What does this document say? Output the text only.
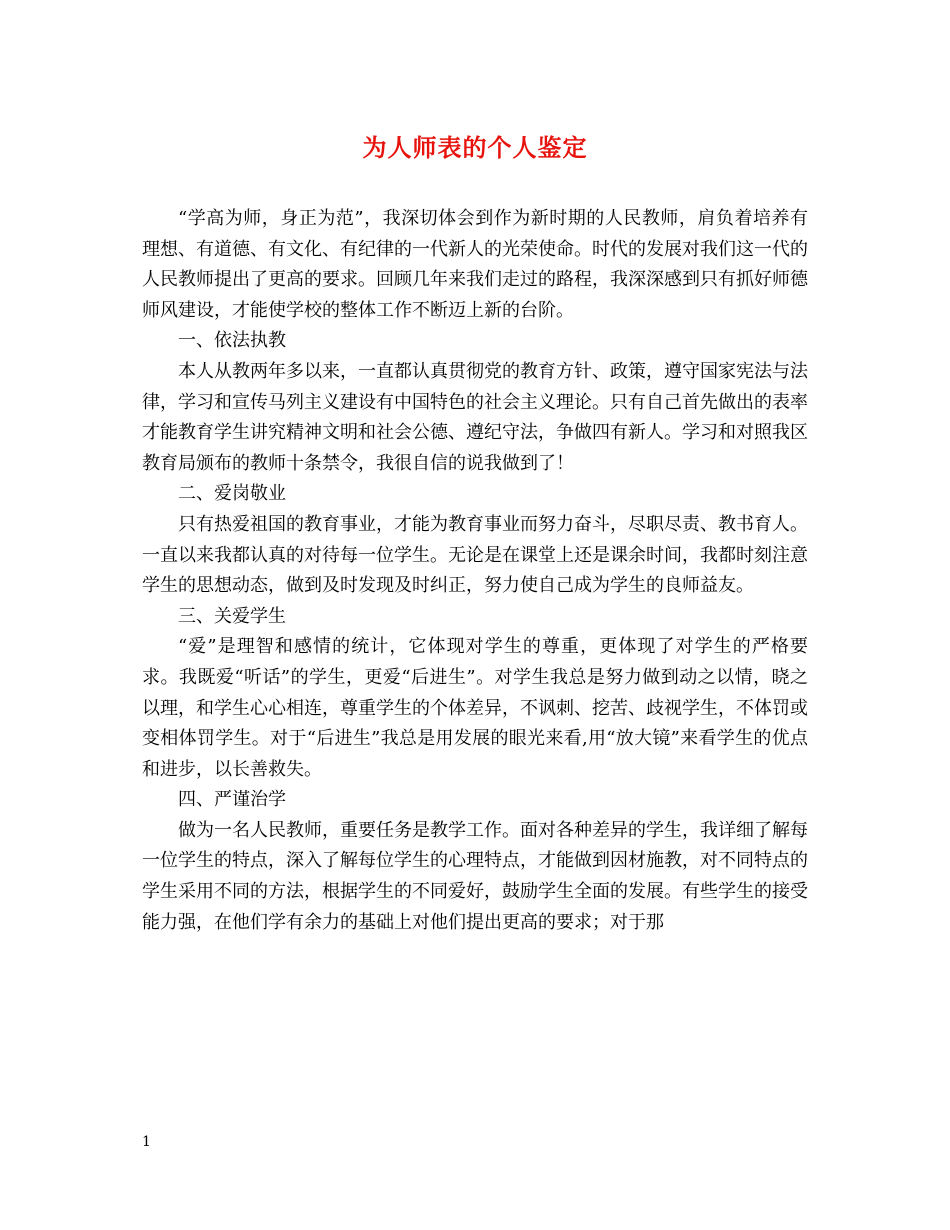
为人师表的个人鉴定

“学高为师，身正为范”，我深切体会到作为新时期的人民教师，肩负着培养有理想、有道德、有文化、有纪律的一代新人的光荣使命。时代的发展对我们这一代的人民教师提出了更高的要求。回顾几年来我们走过的路程，我深深感到只有抓好师德师风建设，才能使学校的整体工作不断迈上新的台阶。

一、依法执教

本人从教两年多以来，一直都认真贯彻党的教育方针、政策，遵守国家宪法与法律，学习和宣传马列主义建设有中国特色的社会主义理论。只有自己首先做出的表率才能教育学生讲究精神文明和社会公德、遵纪守法，争做四有新人。学习和对照我区教育局颁布的教师十条禁令，我很自信的说我做到了！

二、爱岗敬业

只有热爱祖国的教育事业，才能为教育事业而努力奋斗，尽职尽责、教书育人。一直以来我都认真的对待每一位学生。无论是在课堂上还是课余时间，我都时刻注意学生的思想动态，做到及时发现及时纠正，努力使自己成为学生的良师益友。

三、关爱学生

“爱”是理智和感情的统计，它体现对学生的尊重，更体现了对学生的严格要求。我既爱“听话”的学生，更爱“后进生”。对学生我总是努力做到动之以情，晓之以理，和学生心心相连，尊重学生的个体差异，不讽刺、挖苦、歧视学生，不体罚或变相体罚学生。对于“后进生”我总是用发展的眼光来看,用“放大镜”来看学生的优点和进步，以长善救失。

四、严谨治学

做为一名人民教师，重要任务是教学工作。面对各种差异的学生，我详细了解每一位学生的特点，深入了解每位学生的心理特点，才能做到因材施教，对不同特点的学生采用不同的方法，根据学生的不同爱好，鼓励学生全面的发展。有些学生的接受能力强，在他们学有余力的基础上对他们提出更高的要求；对于那

1
